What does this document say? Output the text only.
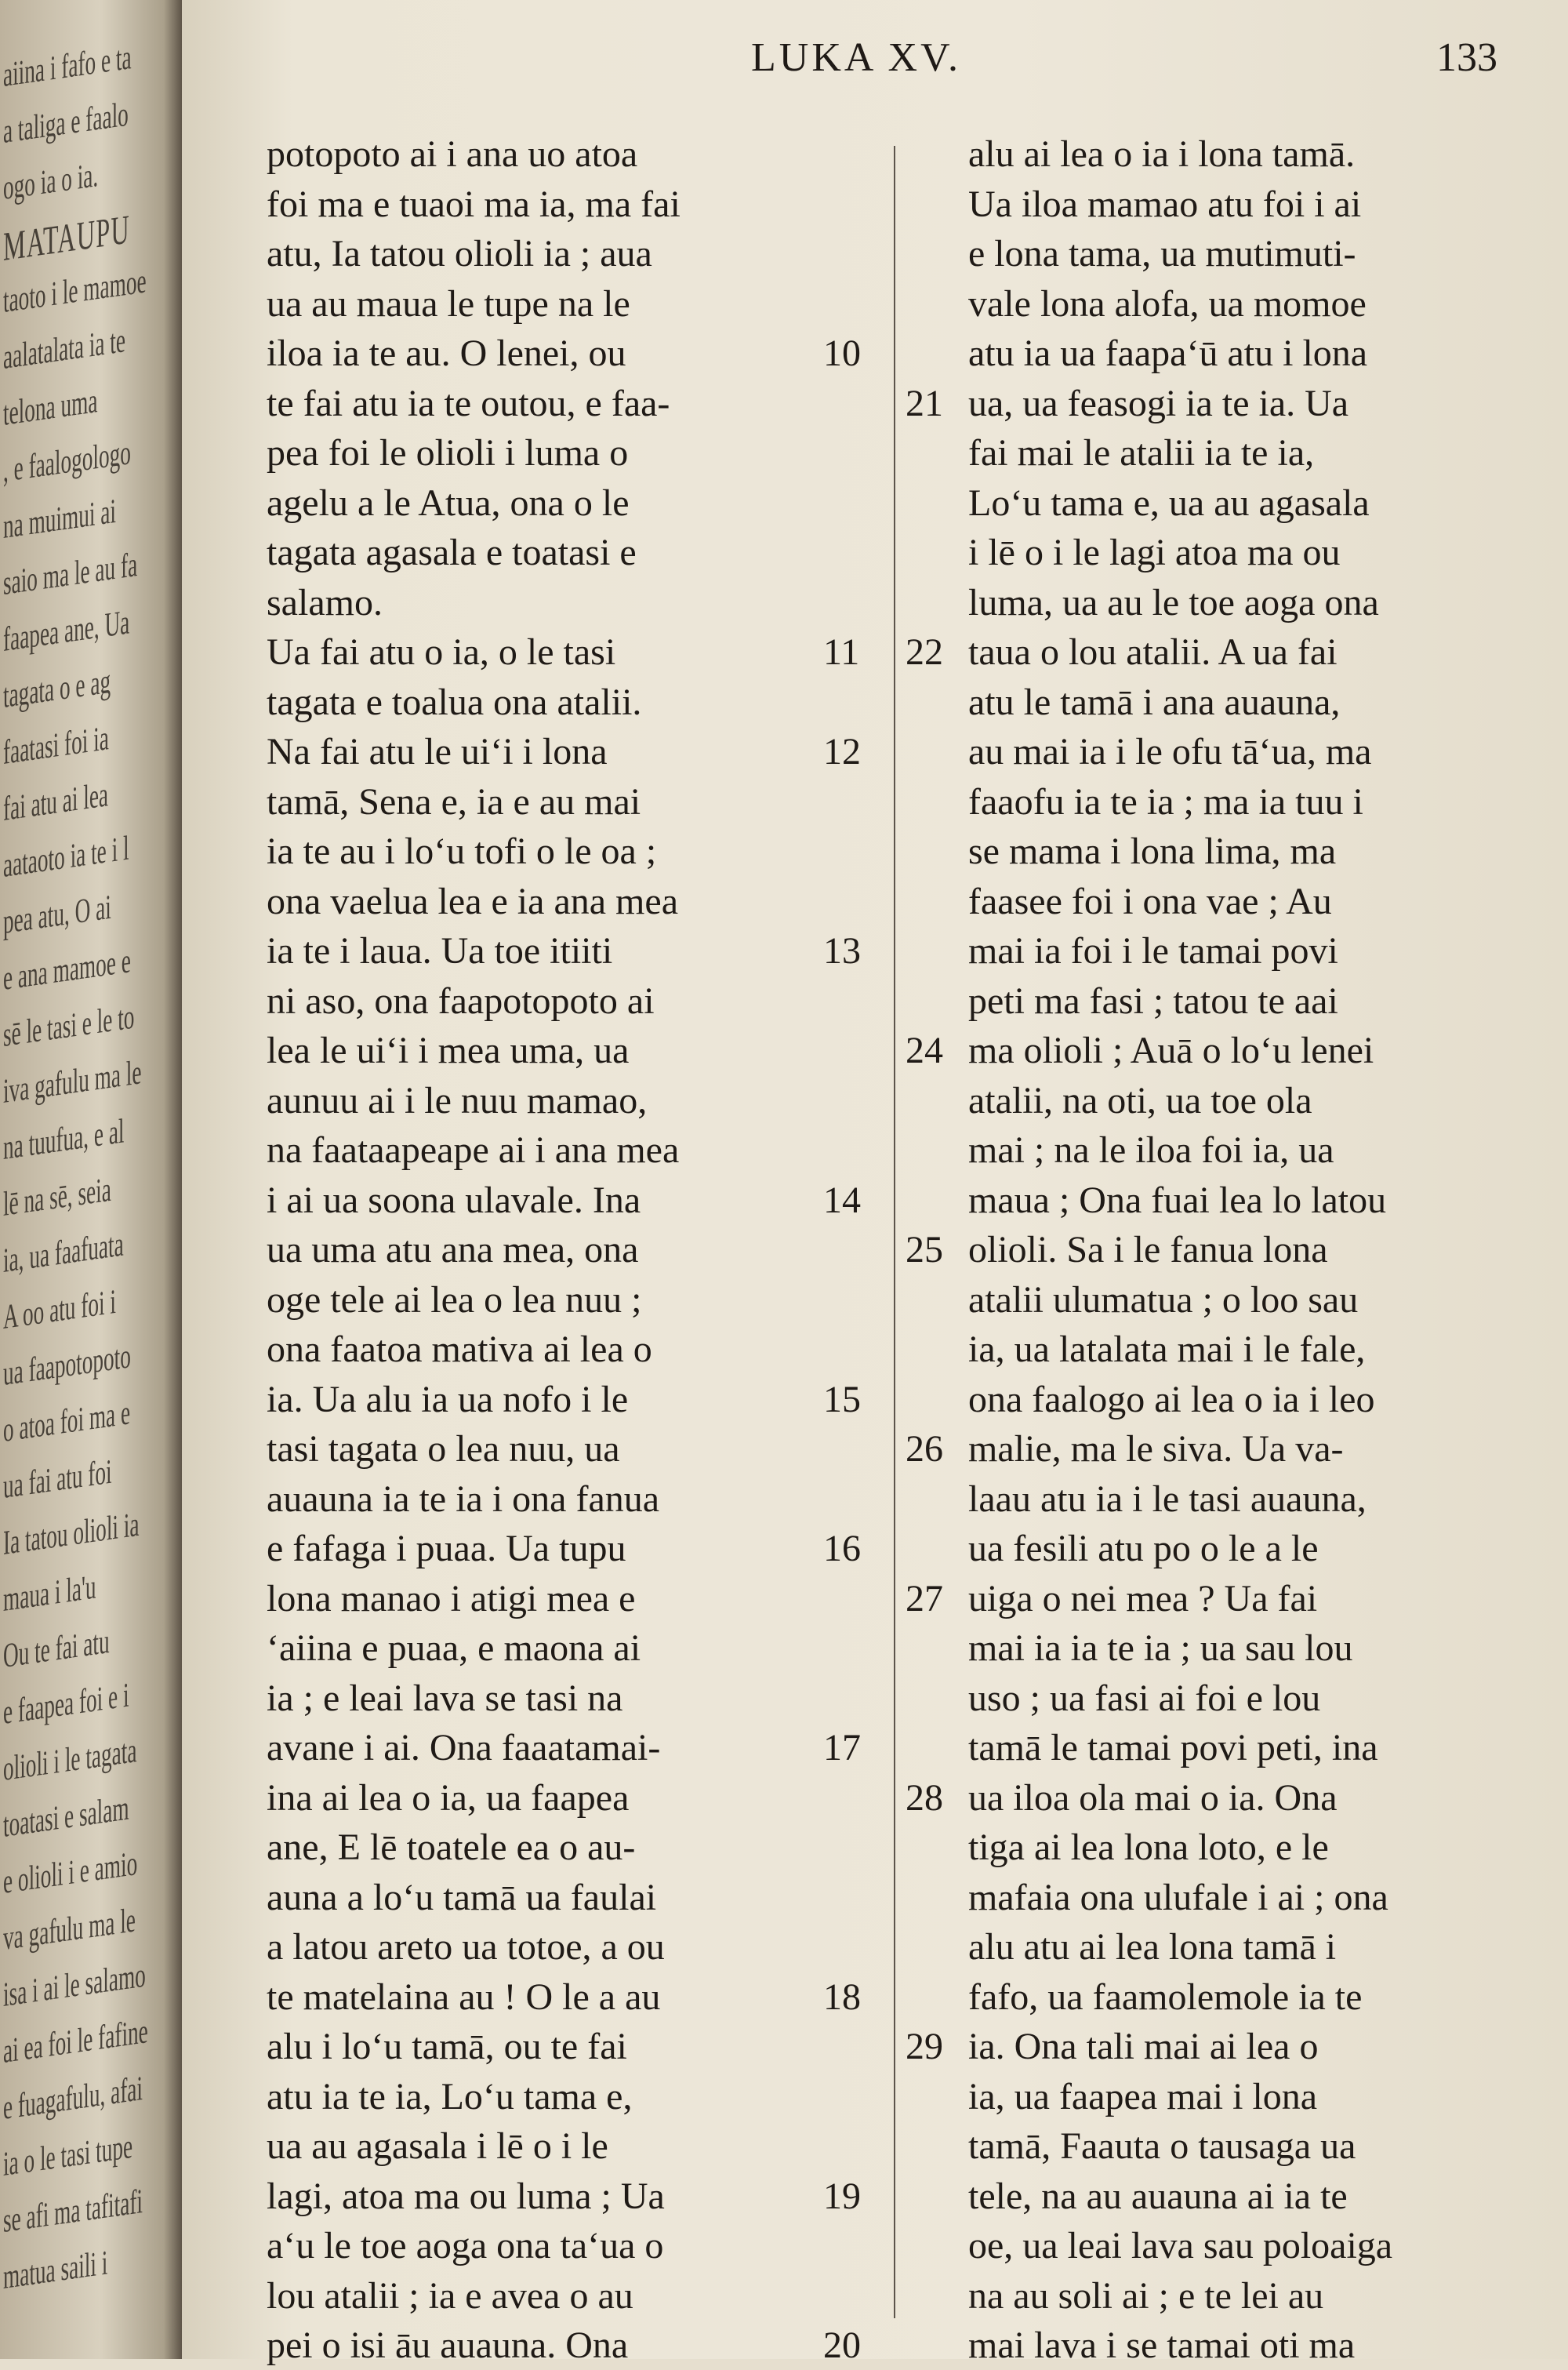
aiina i fafo e ta
a taliga e faalo
ogo ia o ia.
MATAUPU
taoto i le mamoe
aalatalata ia te
telona uma
, e faalogologo
na muimui ai
saio ma le au fa
faapea ane, Ua
tagata o e ag
faatasi foi ia
fai atu ai lea
aataoto ia te i l
pea atu, O ai
e ana mamoe e
sē le tasi e le to
iva gafulu ma le
na tuufua, e al
lē na sē, seia
ia, ua faafuata
A oo atu foi i
ua faapotopoto
o atoa foi ma e
ua fai atu foi
Ia tatou olioli ia
maua i la'u
Ou te fai atu
e faapea foi e i
olioli i le tagata
toatasi e salam
e olioli i e amio
va gafulu ma le
isa i ai le salamo
ai ea foi le fafine
e fuagafulu, afai
ia o le tasi tupe
se afi ma tafitafi
matua saili i
LUKA XV.	133
potopoto ai i ana uo atoa
foi ma e tuaoi ma ia, ma fai
atu, Ia tatou olioli ia ; aua
ua au maua le tupe na le
iloa ia te au. O lenei, ou	10
te fai atu ia te outou, e faa-
pea foi le olioli i luma o
agelu a le Atua, ona o le
tagata agasala e toatasi e
salamo.
Ua fai atu o ia, o le tasi	11
tagata e toalua ona atalii.
Na fai atu le ui‘i i lona	12
tamā, Sena e, ia e au mai
ia te au i lo‘u tofi o le oa ;
ona vaelua lea e ia ana mea
ia te i laua. Ua toe itiiti	13
ni aso, ona faapotopoto ai
lea le ui‘i i mea uma, ua
aunuu ai i le nuu mamao,
na faataapeape ai i ana mea
i ai ua soona ulavale. Ina	14
ua uma atu ana mea, ona
oge tele ai lea o lea nuu ;
ona faatoa mativa ai lea o
ia. Ua alu ia ua nofo i le	15
tasi tagata o lea nuu, ua
auauna ia te ia i ona fanua
e fafaga i puaa. Ua tupu	16
lona manao i atigi mea e
‘aiina e puaa, e maona ai
ia ; e leai lava se tasi na
avane i ai. Ona faaatamai-	17
ina ai lea o ia, ua faapea
ane, E lē toatele ea o au-
auna a lo‘u tamā ua faulai
a latou areto ua totoe, a ou
te matelaina au ! O le a au	18
alu i lo‘u tamā, ou te fai
atu ia te ia, Lo‘u tama e,
ua au agasala i lē o i le
lagi, atoa ma ou luma ; Ua	19
a‘u le toe aoga ona ta‘ua o
lou atalii ; ia e avea o au
pei o isi āu auauna. Ona	20
alu ai lea o ia i lona tamā.
Ua iloa mamao atu foi i ai
e lona tama, ua mutimuti-
vale lona alofa, ua momoe
atu ia ua faapa‘ū atu i lona
ua, ua feasogi ia te ia. Ua
21
fai mai le atalii ia te ia,
Lo‘u tama e, ua au agasala
i lē o i le lagi atoa ma ou
luma, ua au le toe aoga ona
taua o lou atalii. A ua fai
22
atu le tamā i ana auauna,
au mai ia i le ofu tā‘ua, ma
faaofu ia te ia ; ma ia tuu i
se mama i lona lima, ma
faasee foi i ona vae ; Au
mai ia foi i le tamai povi
peti ma fasi ; tatou te aai
ma olioli ; Auā o lo‘u lenei
24
atalii, na oti, ua toe ola
mai ; na le iloa foi ia, ua
maua ; Ona fuai lea lo latou
olioli. Sa i le fanua lona
25
atalii ulumatua ; o loo sau
ia, ua latalata mai i le fale,
ona faalogo ai lea o ia i leo
malie, ma le siva. Ua va-
26
laau atu ia i le tasi auauna,
ua fesili atu po o le a le
uiga o nei mea ? Ua fai
27
mai ia ia te ia ; ua sau lou
uso ; ua fasi ai foi e lou
tamā le tamai povi peti, ina
ua iloa ola mai o ia. Ona
28
tiga ai lea lona loto, e le
mafaia ona ulufale i ai ; ona
alu atu ai lea lona tamā i
fafo, ua faamolemole ia te
ia. Ona tali mai ai lea o
29
ia, ua faapea mai i lona
tamā, Faauta o tausaga ua
tele, na au auauna ai ia te
oe, ua leai lava sau poloaiga
na au soli ai ; e te lei au
mai lava i se tamai oti ma
